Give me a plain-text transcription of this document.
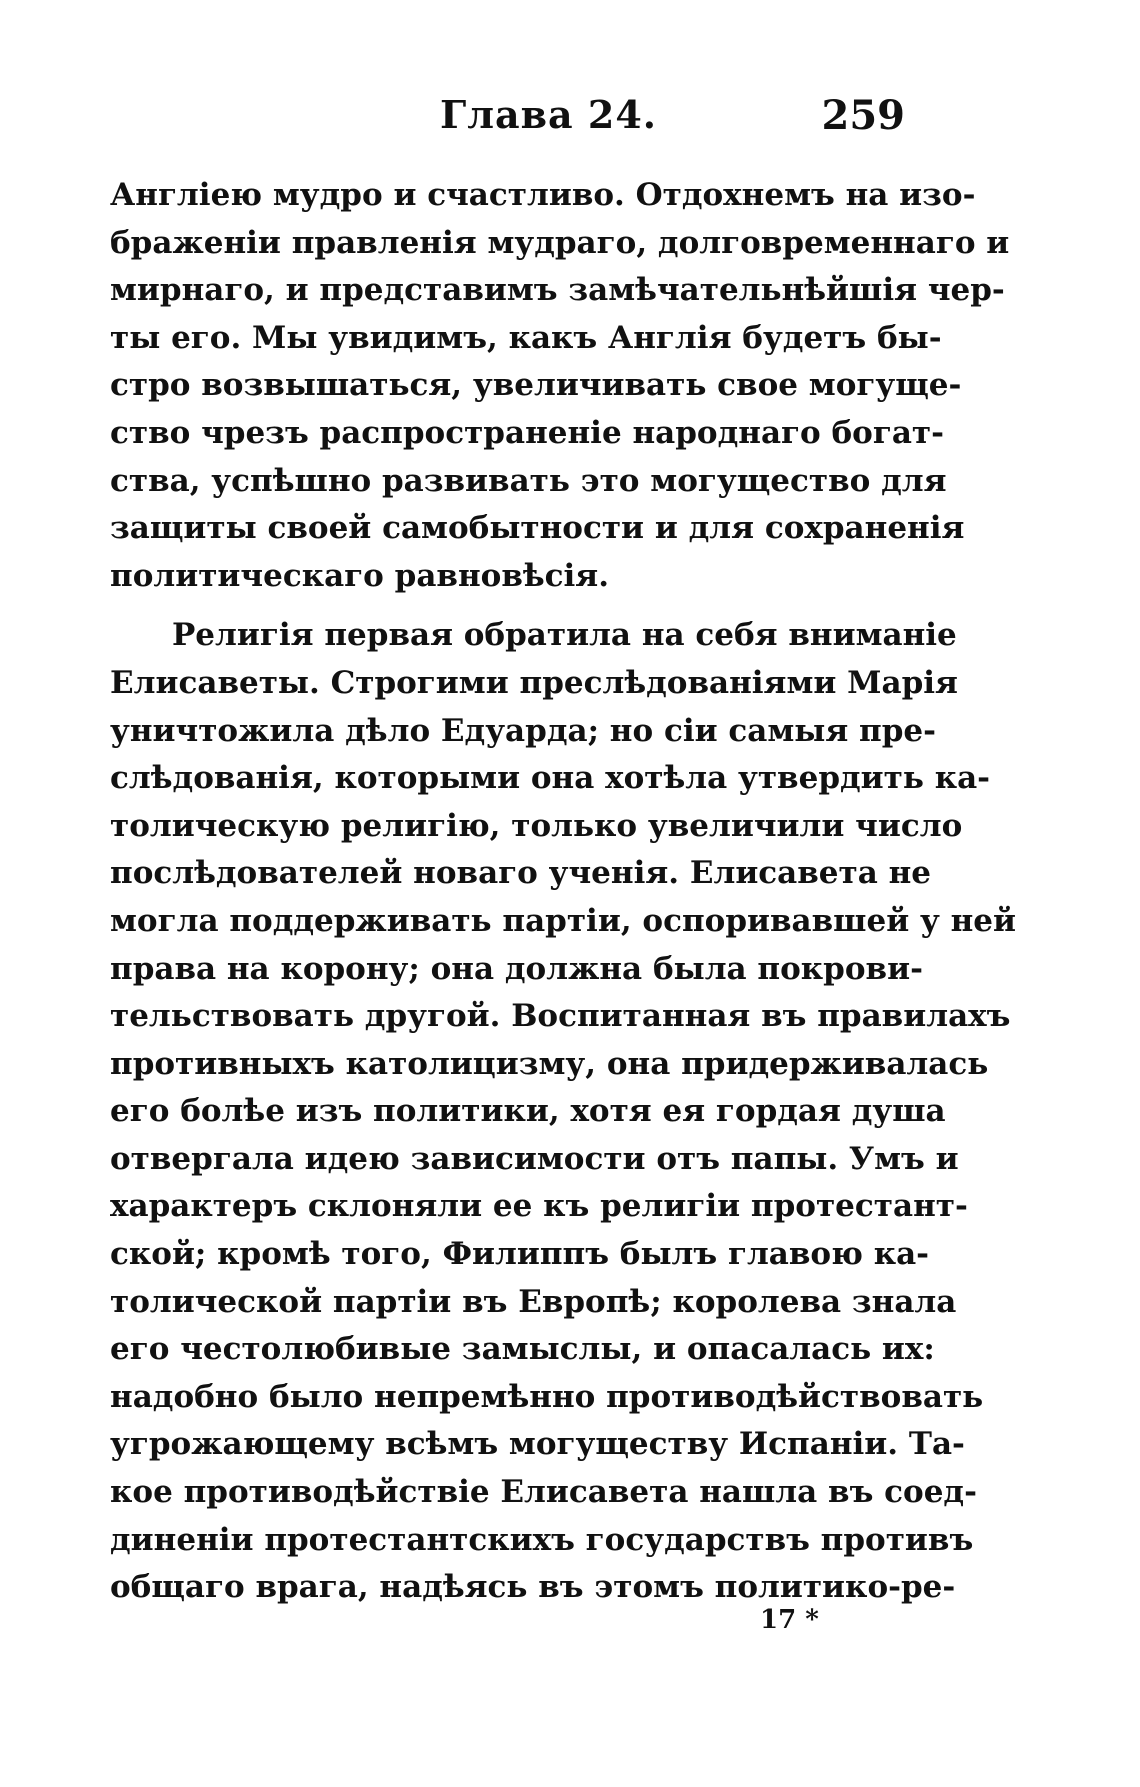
Глава 24.	259
Англіею мудро и счастливо. Отдохнемъ на изо-
браженіи правленія мудраго, долговременнаго и
мирнаго, и представимъ замѣчательнѣйшія чер-
ты его. Мы увидимъ, какъ Англія будетъ бы-
стро возвышаться, увеличивать свое могуще-
ство чрезъ распространеніе народнаго богат-
ства, успѣшно развивать это могущество для
защиты своей самобытности и для сохраненія
политическаго равновѣсія.
Религія первая обратила на себя вниманіе
Елисаветы. Строгими преслѣдованіями Марія
уничтожила дѣло Едуарда; но сіи самыя пре-
слѣдованія, которыми она хотѣла утвердить ка-
толическую религію, только увеличили число
послѣдователей новаго ученія. Елисавета не
могла поддерживать партіи, оспоривавшей у ней
права на корону; она должна была покрови-
тельствовать другой. Воспитанная въ правилахъ
противныхъ католицизму, она придерживалась
его болѣе изъ политики, хотя ея гордая душа
отвергала идею зависимости отъ папы. Умъ и
характеръ склоняли ее къ религіи протестант-
ской; кромѣ того, Филиппъ былъ главою ка-
толической партіи въ Европѣ; королева знала
его честолюбивые замыслы, и опасалась их:
надобно было непремѣнно противодѣйствовать
угрожающему всѣмъ могуществу Испаніи. Та-
кое противодѣйствіе Елисавета нашла въ соед-
диненіи протестантскихъ государствъ противъ
общаго врага, надѣясь въ этомъ политико-ре-
17 *
